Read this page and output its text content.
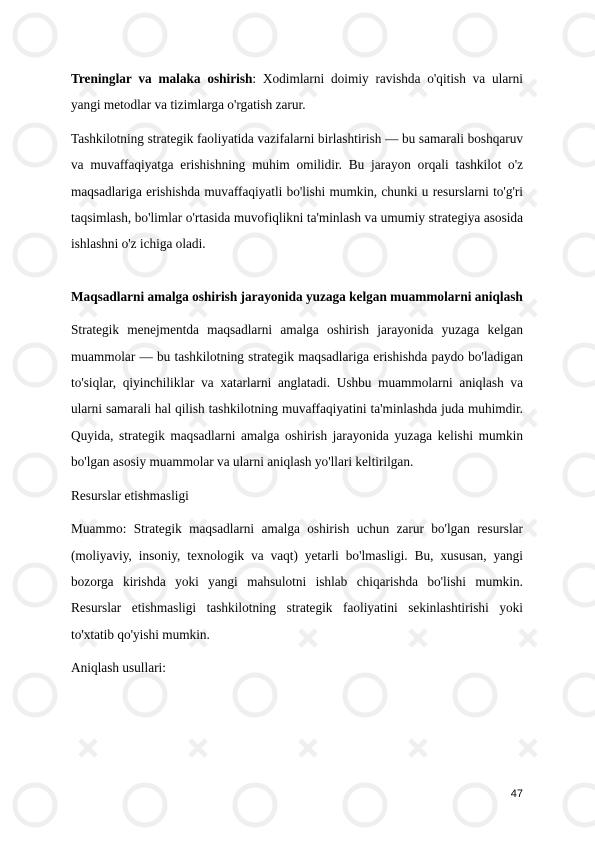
Treninglar va malaka oshirish: Xodimlarni doimiy ravishda o'qitish va ularni yangi metodlar va tizimlarga o'rgatish zarur.

Tashkilotning strategik faoliyatida vazifalarni birlashtirish — bu samarali boshqaruv va muvaffaqiyatga erishishning muhim omilidir. Bu jarayon orqali tashkilot o'z maqsadlariga erishishda muvaffaqiyatli bo'lishi mumkin, chunki u resurslarni to'g'ri taqsimlash, bo'limlar o'rtasida muvofiqlikni ta'minlash va umumiy strategiya asosida ishlashni o'z ichiga oladi.

Maqsadlarni amalga oshirish jarayonida yuzaga kelgan muammolarni aniqlash

Strategik menejmentda maqsadlarni amalga oshirish jarayonida yuzaga kelgan muammolar — bu tashkilotning strategik maqsadlariga erishishda paydo bo'ladigan to'siqlar, qiyinchiliklar va xatarlarni anglatadi. Ushbu muammolarni aniqlash va ularni samarali hal qilish tashkilotning muvaffaqiyatini ta'minlashda juda muhimdir. Quyida, strategik maqsadlarni amalga oshirish jarayonida yuzaga kelishi mumkin bo'lgan asosiy muammolar va ularni aniqlash yo'llari keltirilgan.

Resurslar etishmasligi

Muammo: Strategik maqsadlarni amalga oshirish uchun zarur bo'lgan resurslar (moliyaviy, insoniy, texnologik va vaqt) yetarli bo'lmasligi. Bu, xususan, yangi bozorga kirishda yoki yangi mahsulotni ishlab chiqarishda bo'lishi mumkin. Resurslar etishmasligi tashkilotning strategik faoliyatini sekinlashtirishi yoki to'xtatib qo'yishi mumkin.

Aniqlash usullari:

47
